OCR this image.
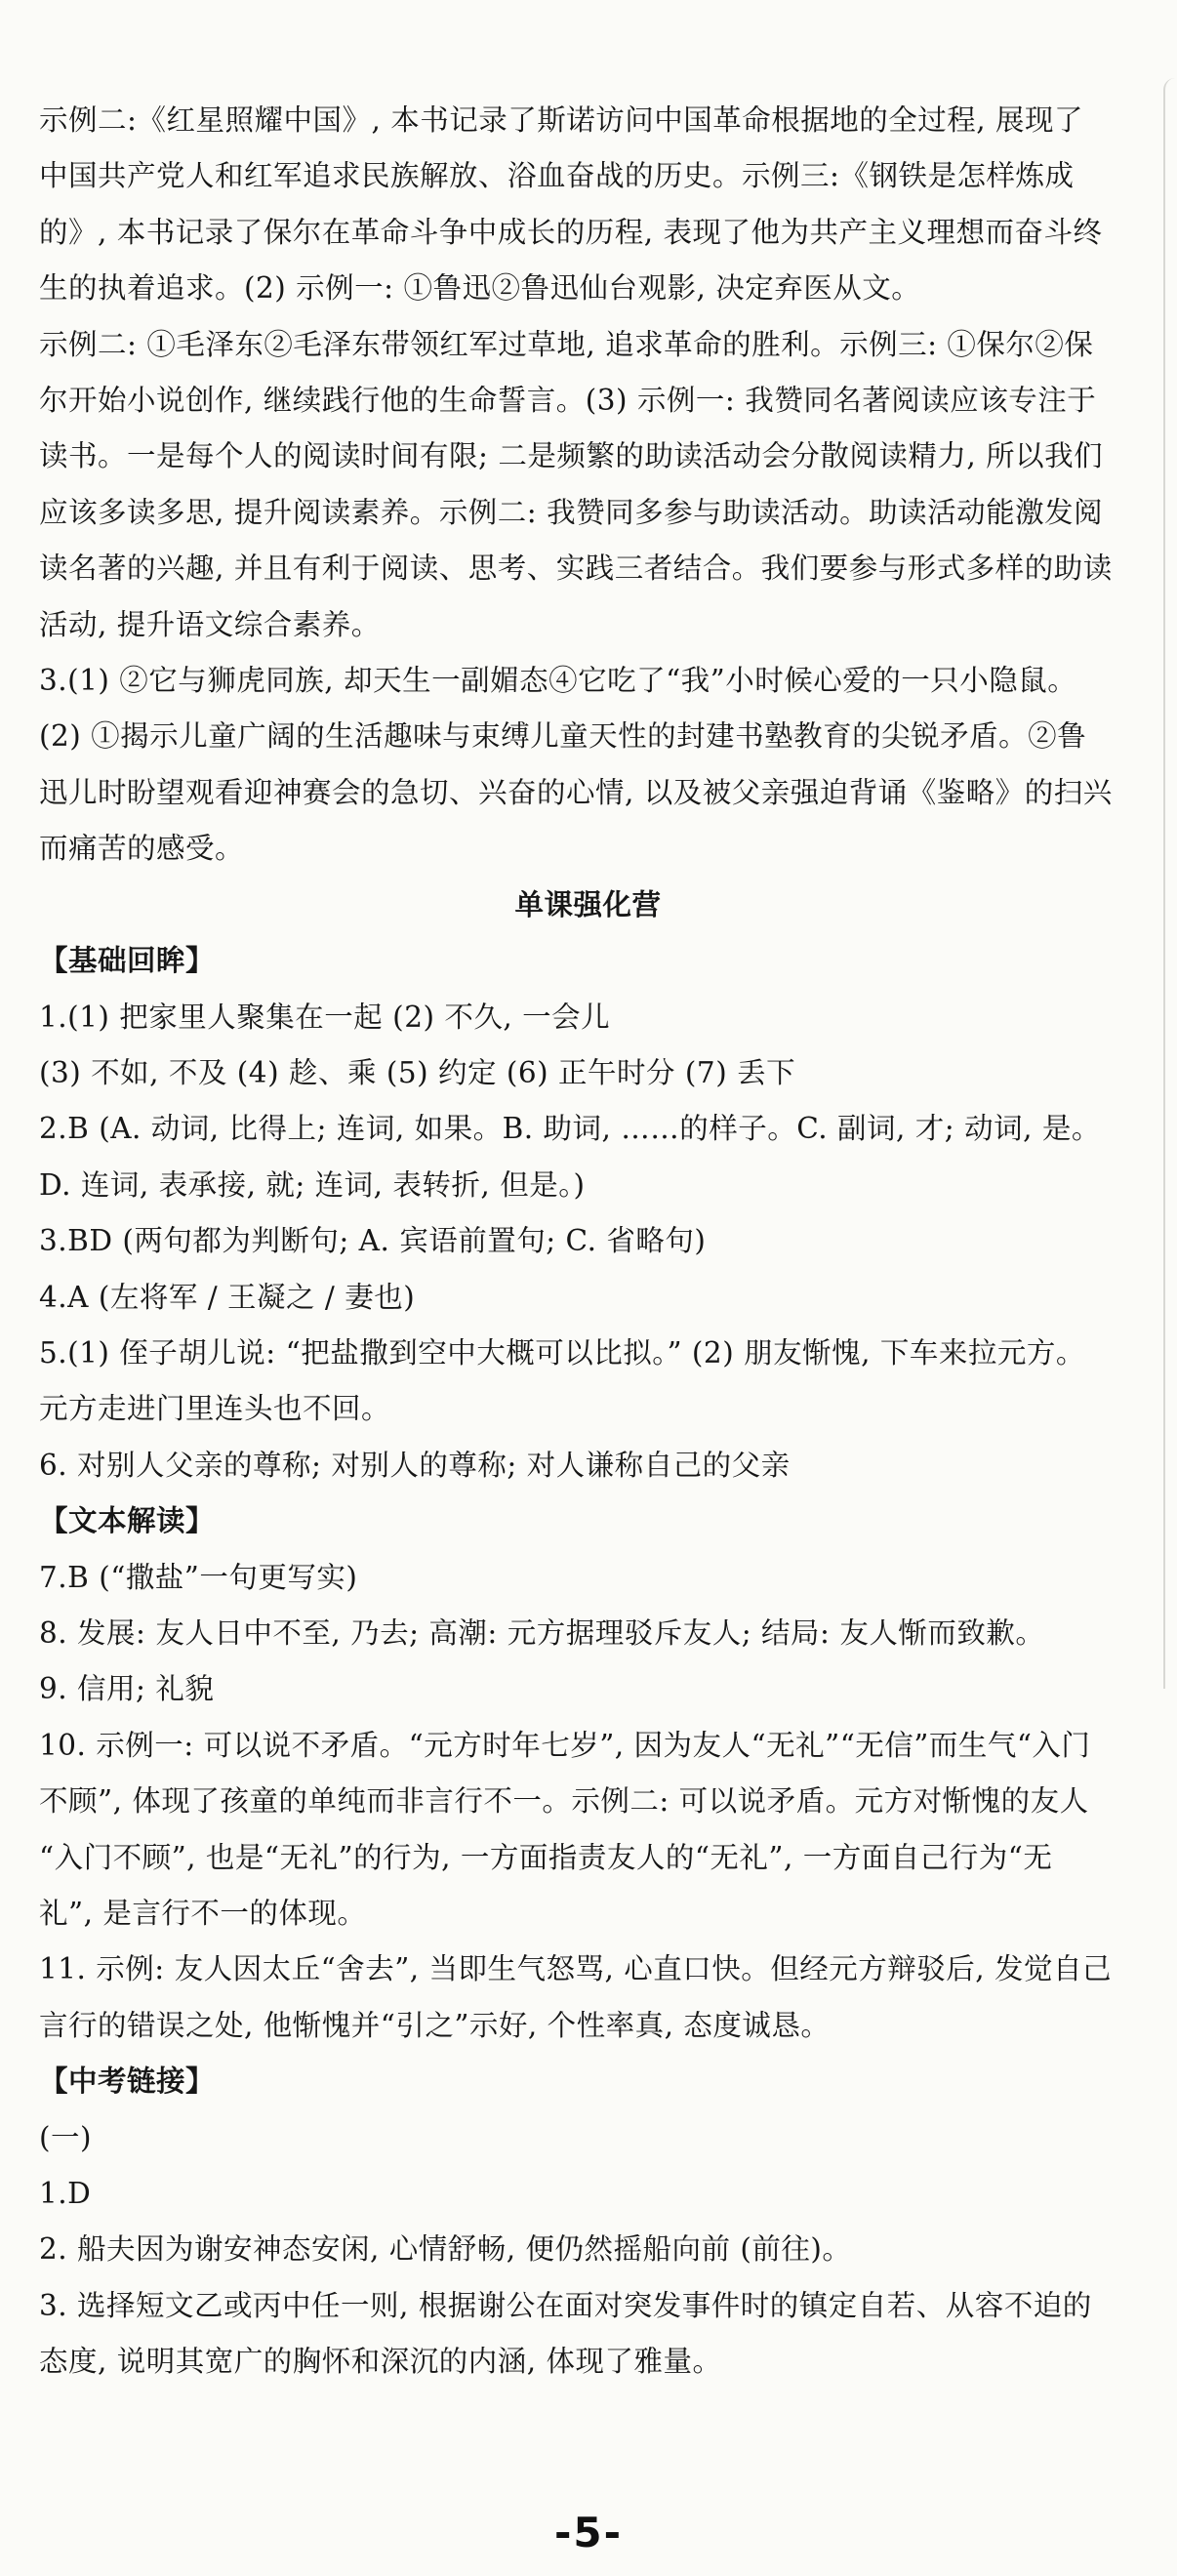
示例二:《红星照耀中国》, 本书记录了斯诺访问中国革命根据地的全过程, 展现了

中国共产党人和红军追求民族解放、浴血奋战的历史。示例三:《钢铁是怎样炼成

的》, 本书记录了保尔在革命斗争中成长的历程, 表现了他为共产主义理想而奋斗终

生的执着追求。(2) 示例一: ①鲁迅②鲁迅仙台观影, 决定弃医从文。

示例二: ①毛泽东②毛泽东带领红军过草地, 追求革命的胜利。示例三: ①保尔②保

尔开始小说创作, 继续践行他的生命誓言。(3) 示例一: 我赞同名著阅读应该专注于

读书。一是每个人的阅读时间有限; 二是频繁的助读活动会分散阅读精力, 所以我们

应该多读多思, 提升阅读素养。示例二: 我赞同多参与助读活动。助读活动能激发阅

读名著的兴趣, 并且有利于阅读、思考、实践三者结合。我们要参与形式多样的助读

活动, 提升语文综合素养。

3.(1) ②它与狮虎同族, 却天生一副媚态④它吃了“我”小时候心爱的一只小隐鼠。

(2) ①揭示儿童广阔的生活趣味与束缚儿童天性的封建书塾教育的尖锐矛盾。②鲁

迅儿时盼望观看迎神赛会的急切、兴奋的心情, 以及被父亲强迫背诵《鉴略》的扫兴

而痛苦的感受。

单课强化营

【基础回眸】

1.(1) 把家里人聚集在一起 (2) 不久, 一会儿

(3) 不如, 不及 (4) 趁、乘 (5) 约定 (6) 正午时分 (7) 丢下

2.B (A. 动词, 比得上; 连词, 如果。B. 助词, ……的样子。C. 副词, 才; 动词, 是。

D. 连词, 表承接, 就; 连词, 表转折, 但是。)

3.BD (两句都为判断句; A. 宾语前置句; C. 省略句)

4.A (左将军 / 王凝之 / 妻也)

5.(1) 侄子胡儿说: “把盐撒到空中大概可以比拟。” (2) 朋友惭愧, 下车来拉元方。

元方走进门里连头也不回。

6. 对别人父亲的尊称; 对别人的尊称; 对人谦称自己的父亲

【文本解读】

7.B (“撒盐”一句更写实)

8. 发展: 友人日中不至, 乃去; 高潮: 元方据理驳斥友人; 结局: 友人惭而致歉。

9. 信用; 礼貌

10. 示例一: 可以说不矛盾。“元方时年七岁”, 因为友人“无礼”“无信”而生气“入门

不顾”, 体现了孩童的单纯而非言行不一。示例二: 可以说矛盾。元方对惭愧的友人

“入门不顾”, 也是“无礼”的行为, 一方面指责友人的“无礼”, 一方面自己行为“无

礼”, 是言行不一的体现。

11. 示例: 友人因太丘“舍去”, 当即生气怒骂, 心直口快。但经元方辩驳后, 发觉自己

言行的错误之处, 他惭愧并“引之”示好, 个性率真, 态度诚恳。

【中考链接】

(一)

1.D

2. 船夫因为谢安神态安闲, 心情舒畅, 便仍然摇船向前 (前往)。

3. 选择短文乙或丙中任一则, 根据谢公在面对突发事件时的镇定自若、从容不迫的

态度, 说明其宽广的胸怀和深沉的内涵, 体现了雅量。

-5-
